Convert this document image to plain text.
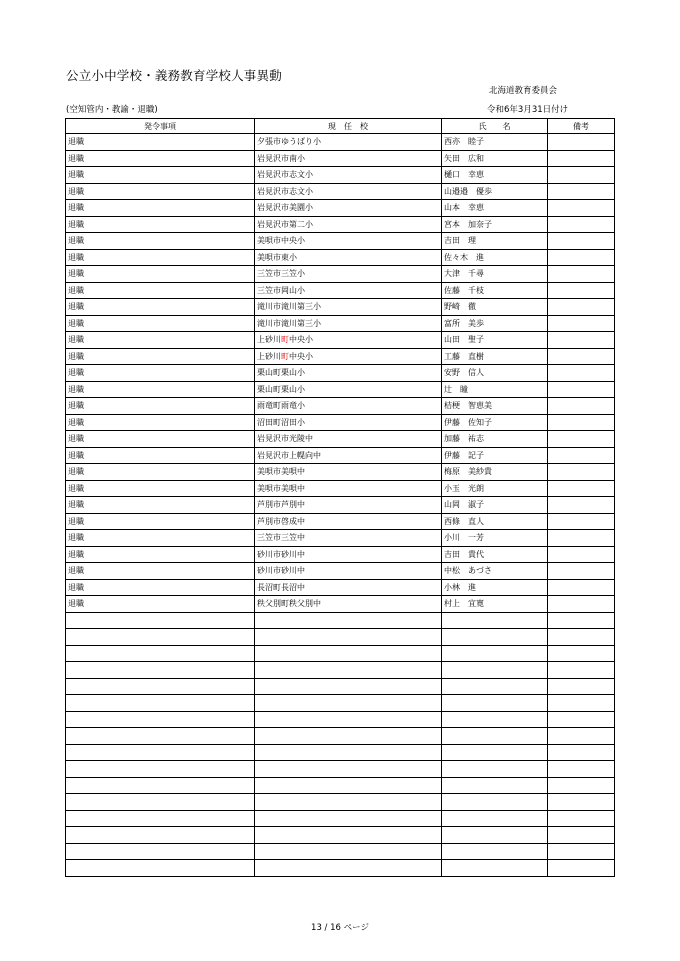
公立小中学校・義務教育学校人事異動
北海道教育委員会
(空知管内・教諭・退職)	令和6年3月31日付け
発令事項	現　任　校	氏　　名	備考
退職	夕張市ゆうばり小	西亦　睦子	
退職	岩見沢市南小	矢田　広和	
退職	岩見沢市志文小	樋口　幸恵	
退職	岩見沢市志文小	山邉邉　優歩	
退職	岩見沢市美園小	山本　幸恵	
退職	岩見沢市第二小	宮本　加奈子	
退職	美唄市中央小	吉田　理	
退職	美唄市東小	佐々木　進	
退職	三笠市三笠小	大津　千尋	
退職	三笠市岡山小	佐藤　千枝	
退職	滝川市滝川第三小	野崎　徹	
退職	滝川市滝川第三小	富所　美歩	
退職	上砂川町中央小	山田　聖子	
退職	上砂川町中央小	工藤　直樹	
退職	栗山町栗山小	安野　信人	
退職	栗山町栗山小	辻　瞳	
退職	雨竜町雨竜小	桔梗　智恵美	
退職	沼田町沼田小	伊藤　佐知子	
退職	岩見沢市光陵中	加藤　祐志	
退職	岩見沢市上幌向中	伊藤　記子	
退職	美唄市美唄中	梅原　美紗貴	
退職	美唄市美唄中	小玉　光朗	
退職	芦別市芦別中	山岡　淑子	
退職	芦別市啓成中	西條　直人	
退職	三笠市三笠中	小川　一芳	
退職	砂川市砂川中	吉田　貴代	
退職	砂川市砂川中	中松　あづさ	
退職	長沼町長沼中	小林　進	
退職	秩父別町秩父別中	村上　宜寛	

13 / 16 ページ
